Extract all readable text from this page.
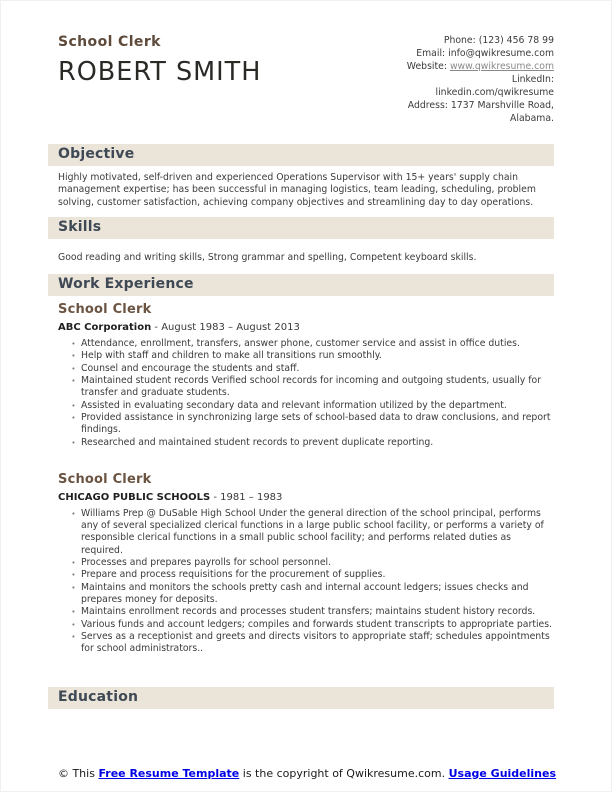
School Clerk
ROBERT SMITH
Phone: (123) 456 78 99
Email: info@qwikresume.com
Website: www.qwikresume.com
LinkedIn:
linkedin.com/qwikresume
Address: 1737 Marshville Road,
Alabama.
Objective

Highly motivated, self-driven and experienced Operations Supervisor with 15+ years' supply chain management expertise; has been successful in managing logistics, team leading, scheduling, problem solving, customer satisfaction, achieving company objectives and streamlining day to day operations.

Skills

Good reading and writing skills, Strong grammar and spelling, Competent keyboard skills.

Work Experience
School Clerk

ABC Corporation - August 1983 – August 2013

• Attendance, enrollment, transfers, answer phone, customer service and assist in office duties.
• Help with staff and children to make all transitions run smoothly.
• Counsel and encourage the students and staff.
• Maintained student records Verified school records for incoming and outgoing students, usually for transfer and graduate students.
• Assisted in evaluating secondary data and relevant information utilized by the department.
• Provided assistance in synchronizing large sets of school-based data to draw conclusions, and report findings.
• Researched and maintained student records to prevent duplicate reporting.
School Clerk

CHICAGO PUBLIC SCHOOLS - 1981 – 1983

• Williams Prep @ DuSable High School Under the general direction of the school principal, performs any of several specialized clerical functions in a large public school facility, or performs a variety of responsible clerical functions in a small public school facility; and performs related duties as required.
• Processes and prepares payrolls for school personnel.
• Prepare and process requisitions for the procurement of supplies.
• Maintains and monitors the schools pretty cash and internal account ledgers; issues checks and prepares money for deposits.
• Maintains enrollment records and processes student transfers; maintains student history records.
• Various funds and account ledgers; compiles and forwards student transcripts to appropriate parties.
• Serves as a receptionist and greets and directs visitors to appropriate staff; schedules appointments for school administrators..
Education
© This Free Resume Template is the copyright of Qwikresume.com. Usage Guidelines
